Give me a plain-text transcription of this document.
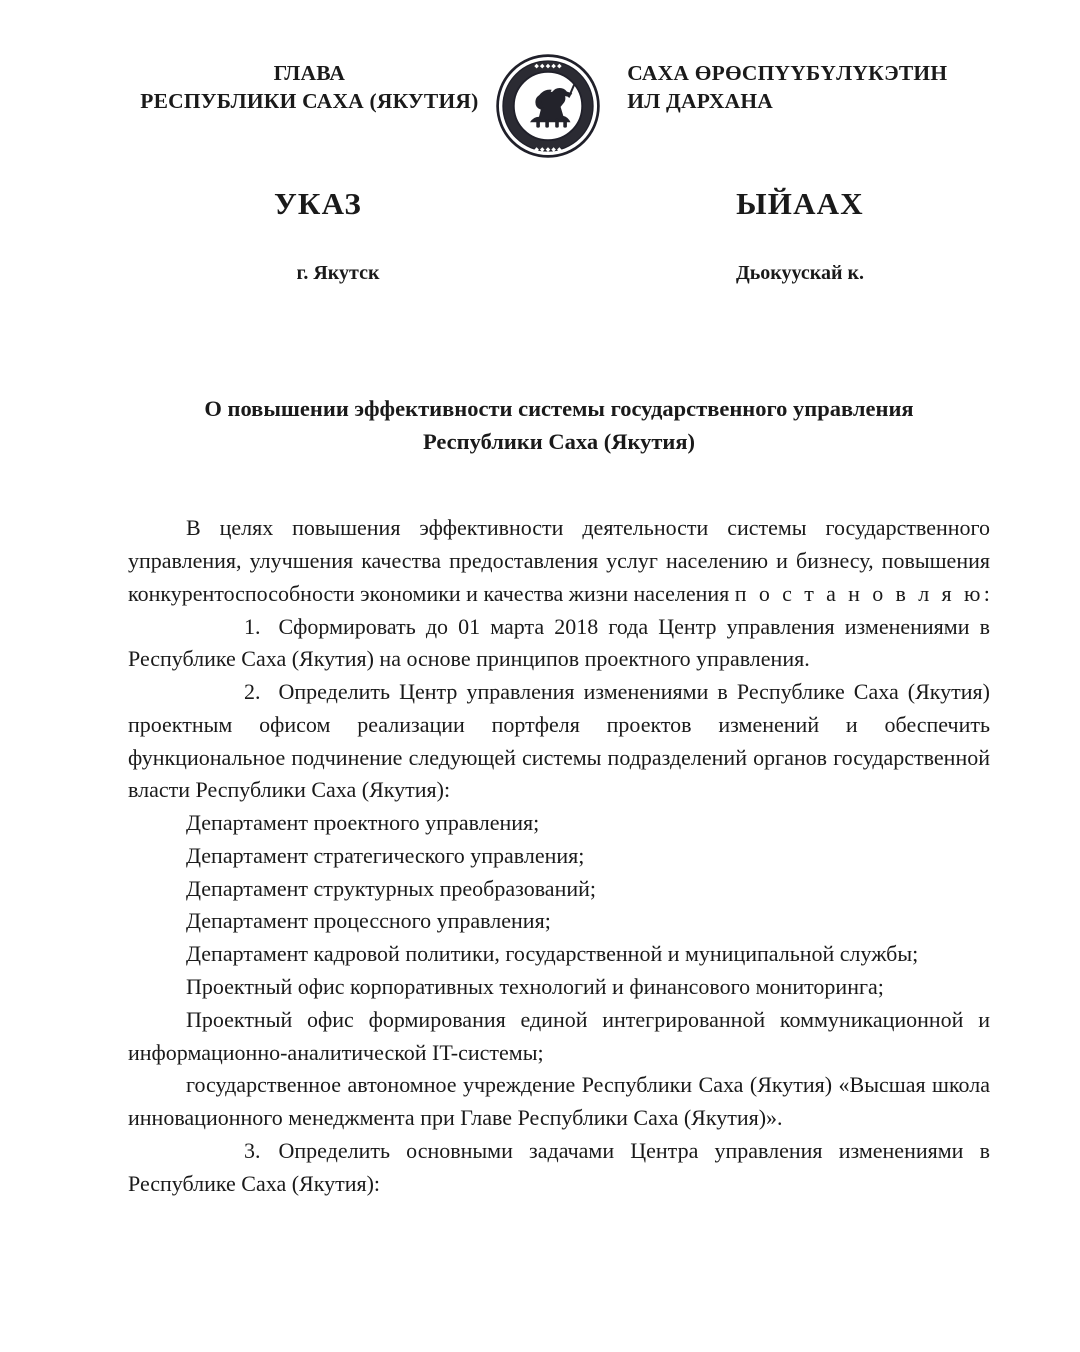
ГЛАВА
РЕСПУБЛИКИ САХА (ЯКУТИЯ)
◆ ◆ ◆ ◆ ◆
◆ ◆ ◆ ◆ ◆
САХА ӨРӨСПҮҮБҮЛҮКЭТИН
ИЛ ДАРХАНА
УКАЗ	ЫЙААХ
г. Якутск	Дьокуускай к.
О повышении эффективности системы государственного управления
Республики Саха (Якутия)

В целях повышения эффективности деятельности системы государственного управления, улучшения качества предоставления услуг населению и бизнесу, повышения конкурентоспособности экономики и качества жизни населения п о с т а н о в л я ю:

1. Сформировать до 01 марта 2018 года Центр управления изменениями в Республике Саха (Якутия) на основе принципов проектного управления.

2. Определить Центр управления изменениями в Республике Саха (Якутия) проектным офисом реализации портфеля проектов изменений и обеспечить функциональное подчинение следующей системы подразделений органов государственной власти Республики Саха (Якутия):

Департамент проектного управления;

Департамент стратегического управления;

Департамент структурных преобразований;

Департамент процессного управления;

Департамент кадровой политики, государственной и муниципальной службы;

Проектный офис корпоративных технологий и финансового мониторинга;

Проектный офис формирования единой интегрированной коммуникационной и информационно-аналитической IT-системы;

государственное автономное учреждение Республики Саха (Якутия) «Высшая школа инновационного менеджмента при Главе Республики Саха (Якутия)».

3. Определить основными задачами Центра управления изменениями в Республике Саха (Якутия):
